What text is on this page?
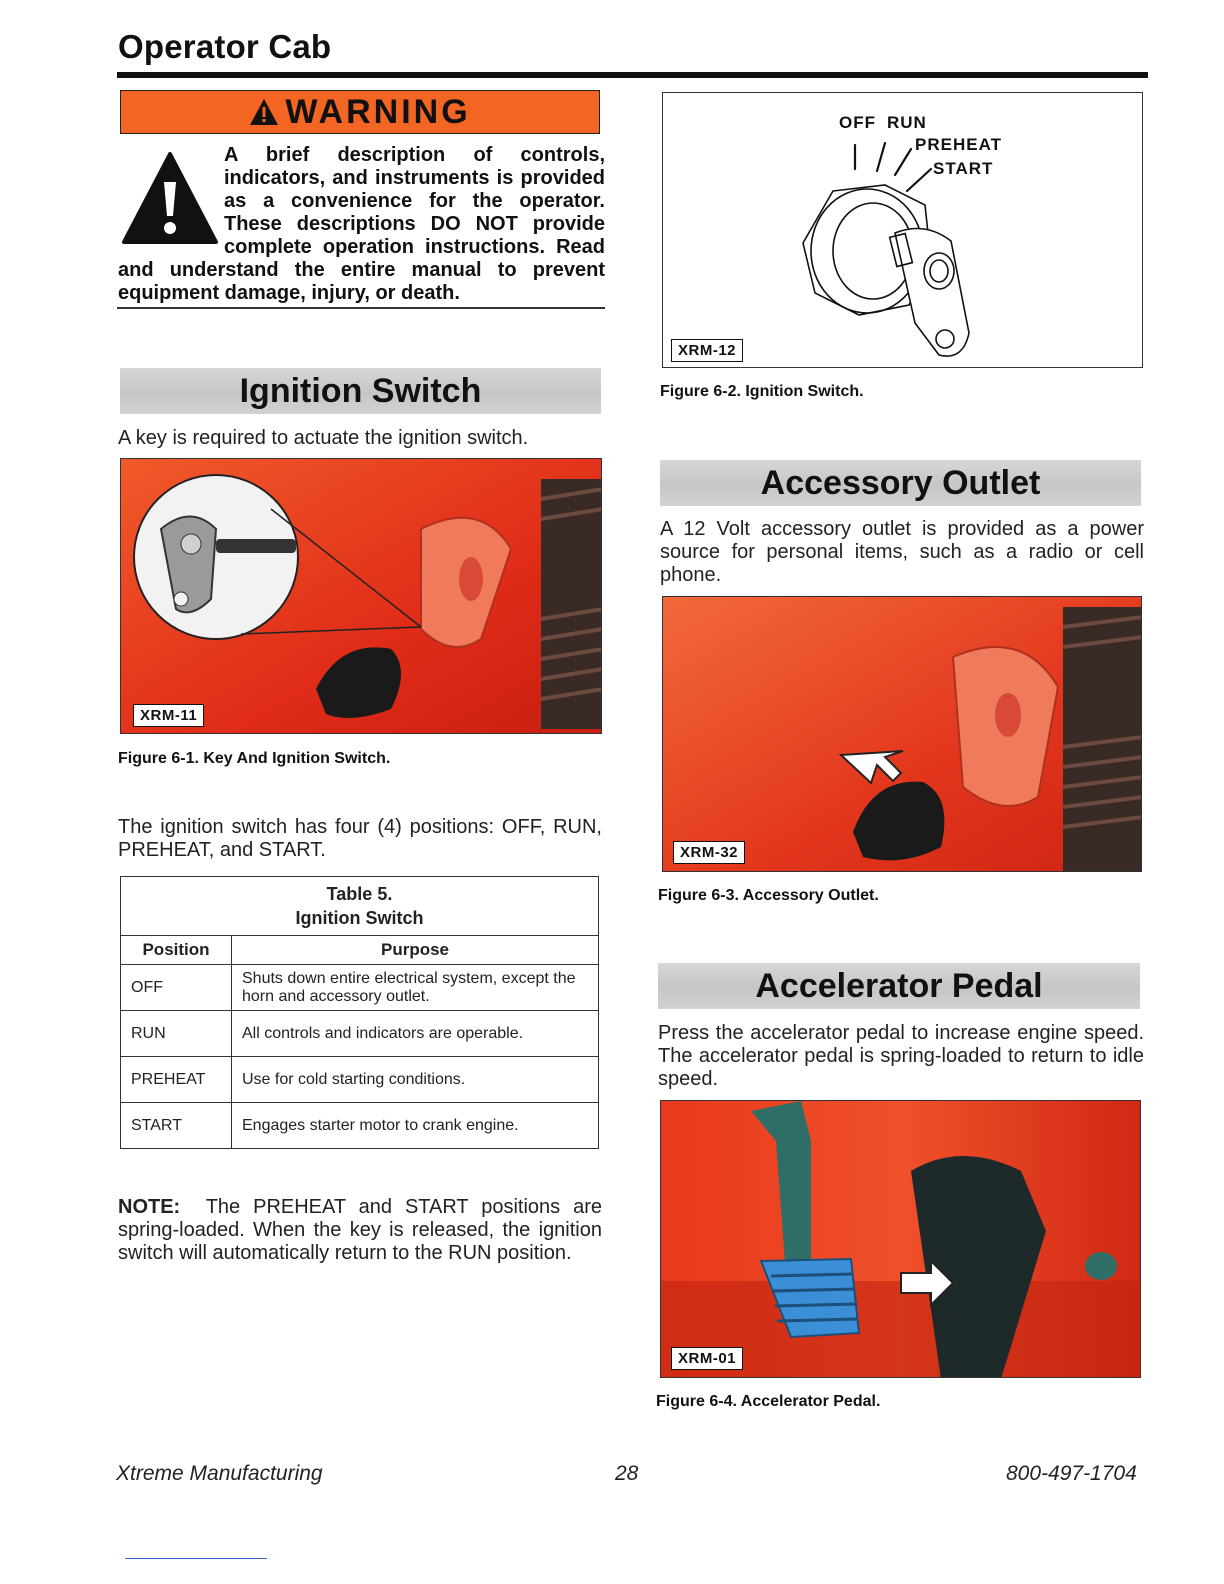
Operator Cab
WARNING

A brief description of controls, indicators, and instruments is provided as a convenience for the operator. These descriptions DO NOT provide complete operation instructions. Read and understand the entire manual to prevent equipment damage, injury, or death.

Ignition Switch

A key is required to actuate the ignition switch.

XRM-11

Figure 6-1. Key And Ignition Switch.

The ignition switch has four (4) positions: OFF, RUN, PREHEAT, and START.

Table 5.
Ignition Switch	

Position	Purpose
OFF	Shuts down entire electrical system, except the horn and accessory outlet.
RUN	All controls and indicators are operable.
PREHEAT	Use for cold starting conditions.
START	Engages starter motor to crank engine.

NOTE: The PREHEAT and START positions are spring-loaded. When the key is released, the ignition switch will automatically return to the RUN position.

OFF RUN
PREHEAT
START
XRM-12

Figure 6-2. Ignition Switch.

Accessory Outlet

A 12 Volt accessory outlet is provided as a power source for personal items, such as a radio or cell phone.

XRM-32

Figure 6-3. Accessory Outlet.

Accelerator Pedal

Press the accelerator pedal to increase engine speed. The accelerator pedal is spring-loaded to return to idle speed.

XRM-01

Figure 6-4. Accelerator Pedal.

Xtreme Manufacturing	28	800-497-1704
